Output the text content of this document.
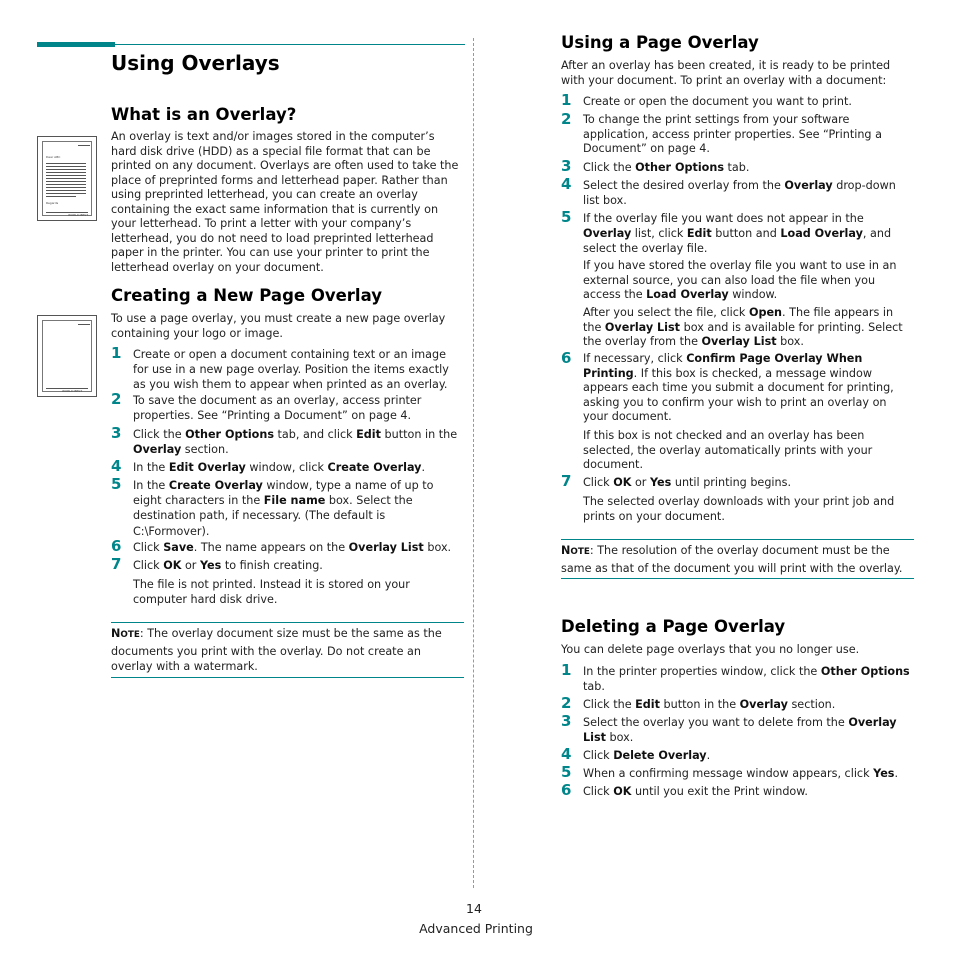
Using Overlays
What is an Overlay?
Dear ABC
Regards
WORLD BEST
An overlay is text and/or images stored in the computer’s hard disk drive (HDD) as a special file format that can be printed on any document. Overlays are often used to take the place of preprinted forms and letterhead paper. Rather than using preprinted letterhead, you can create an overlay containing the exact same information that is currently on your letterhead. To print a letter with your company’s letterhead, you do not need to load preprinted letterhead paper in the printer. You can use your printer to print the letterhead overlay on your document.
Creating a New Page Overlay
WORLD BEST
To use a page overlay, you must create a new page overlay containing your logo or image.
1 Create or open a document containing text or an image for use in a new page overlay. Position the items exactly as you wish them to appear when printed as an overlay.
2 To save the document as an overlay, access printer properties. See “Printing a Document” on page 4.
3 Click the Other Options tab, and click Edit button in the Overlay section.
4 In the Edit Overlay window, click Create Overlay.
5 In the Create Overlay window, type a name of up to eight characters in the File name box. Select the destination path, if necessary. (The default is C:\Formover).
6 Click Save. The name appears on the Overlay List box.
7 Click OK or Yes to finish creating.
The file is not printed. Instead it is stored on your computer hard disk drive.
NOTE: The overlay document size must be the same as the documents you print with the overlay. Do not create an overlay with a watermark.
Using a Page Overlay
After an overlay has been created, it is ready to be printed with your document. To print an overlay with a document:
1 Create or open the document you want to print.
2 To change the print settings from your software application, access printer properties. See “Printing a Document” on page 4.
3 Click the Other Options tab.
4 Select the desired overlay from the Overlay drop-down list box.
5 If the overlay file you want does not appear in the Overlay list, click Edit button and Load Overlay, and select the overlay file.
If you have stored the overlay file you want to use in an external source, you can also load the file when you access the Load Overlay window.
After you select the file, click Open. The file appears in the Overlay List box and is available for printing. Select the overlay from the Overlay List box.
6 If necessary, click Confirm Page Overlay When Printing. If this box is checked, a message window appears each time you submit a document for printing, asking you to confirm your wish to print an overlay on your document.
If this box is not checked and an overlay has been selected, the overlay automatically prints with your document.
7 Click OK or Yes until printing begins.
The selected overlay downloads with your print job and prints on your document.
NOTE: The resolution of the overlay document must be the same as that of the document you will print with the overlay.
Deleting a Page Overlay
You can delete page overlays that you no longer use.
1 In the printer properties window, click the Other Options tab.
2 Click the Edit button in the Overlay section.
3 Select the overlay you want to delete from the Overlay List box.
4 Click Delete Overlay.
5 When a confirming message window appears, click Yes.
6 Click OK until you exit the Print window.
14
Advanced Printing
